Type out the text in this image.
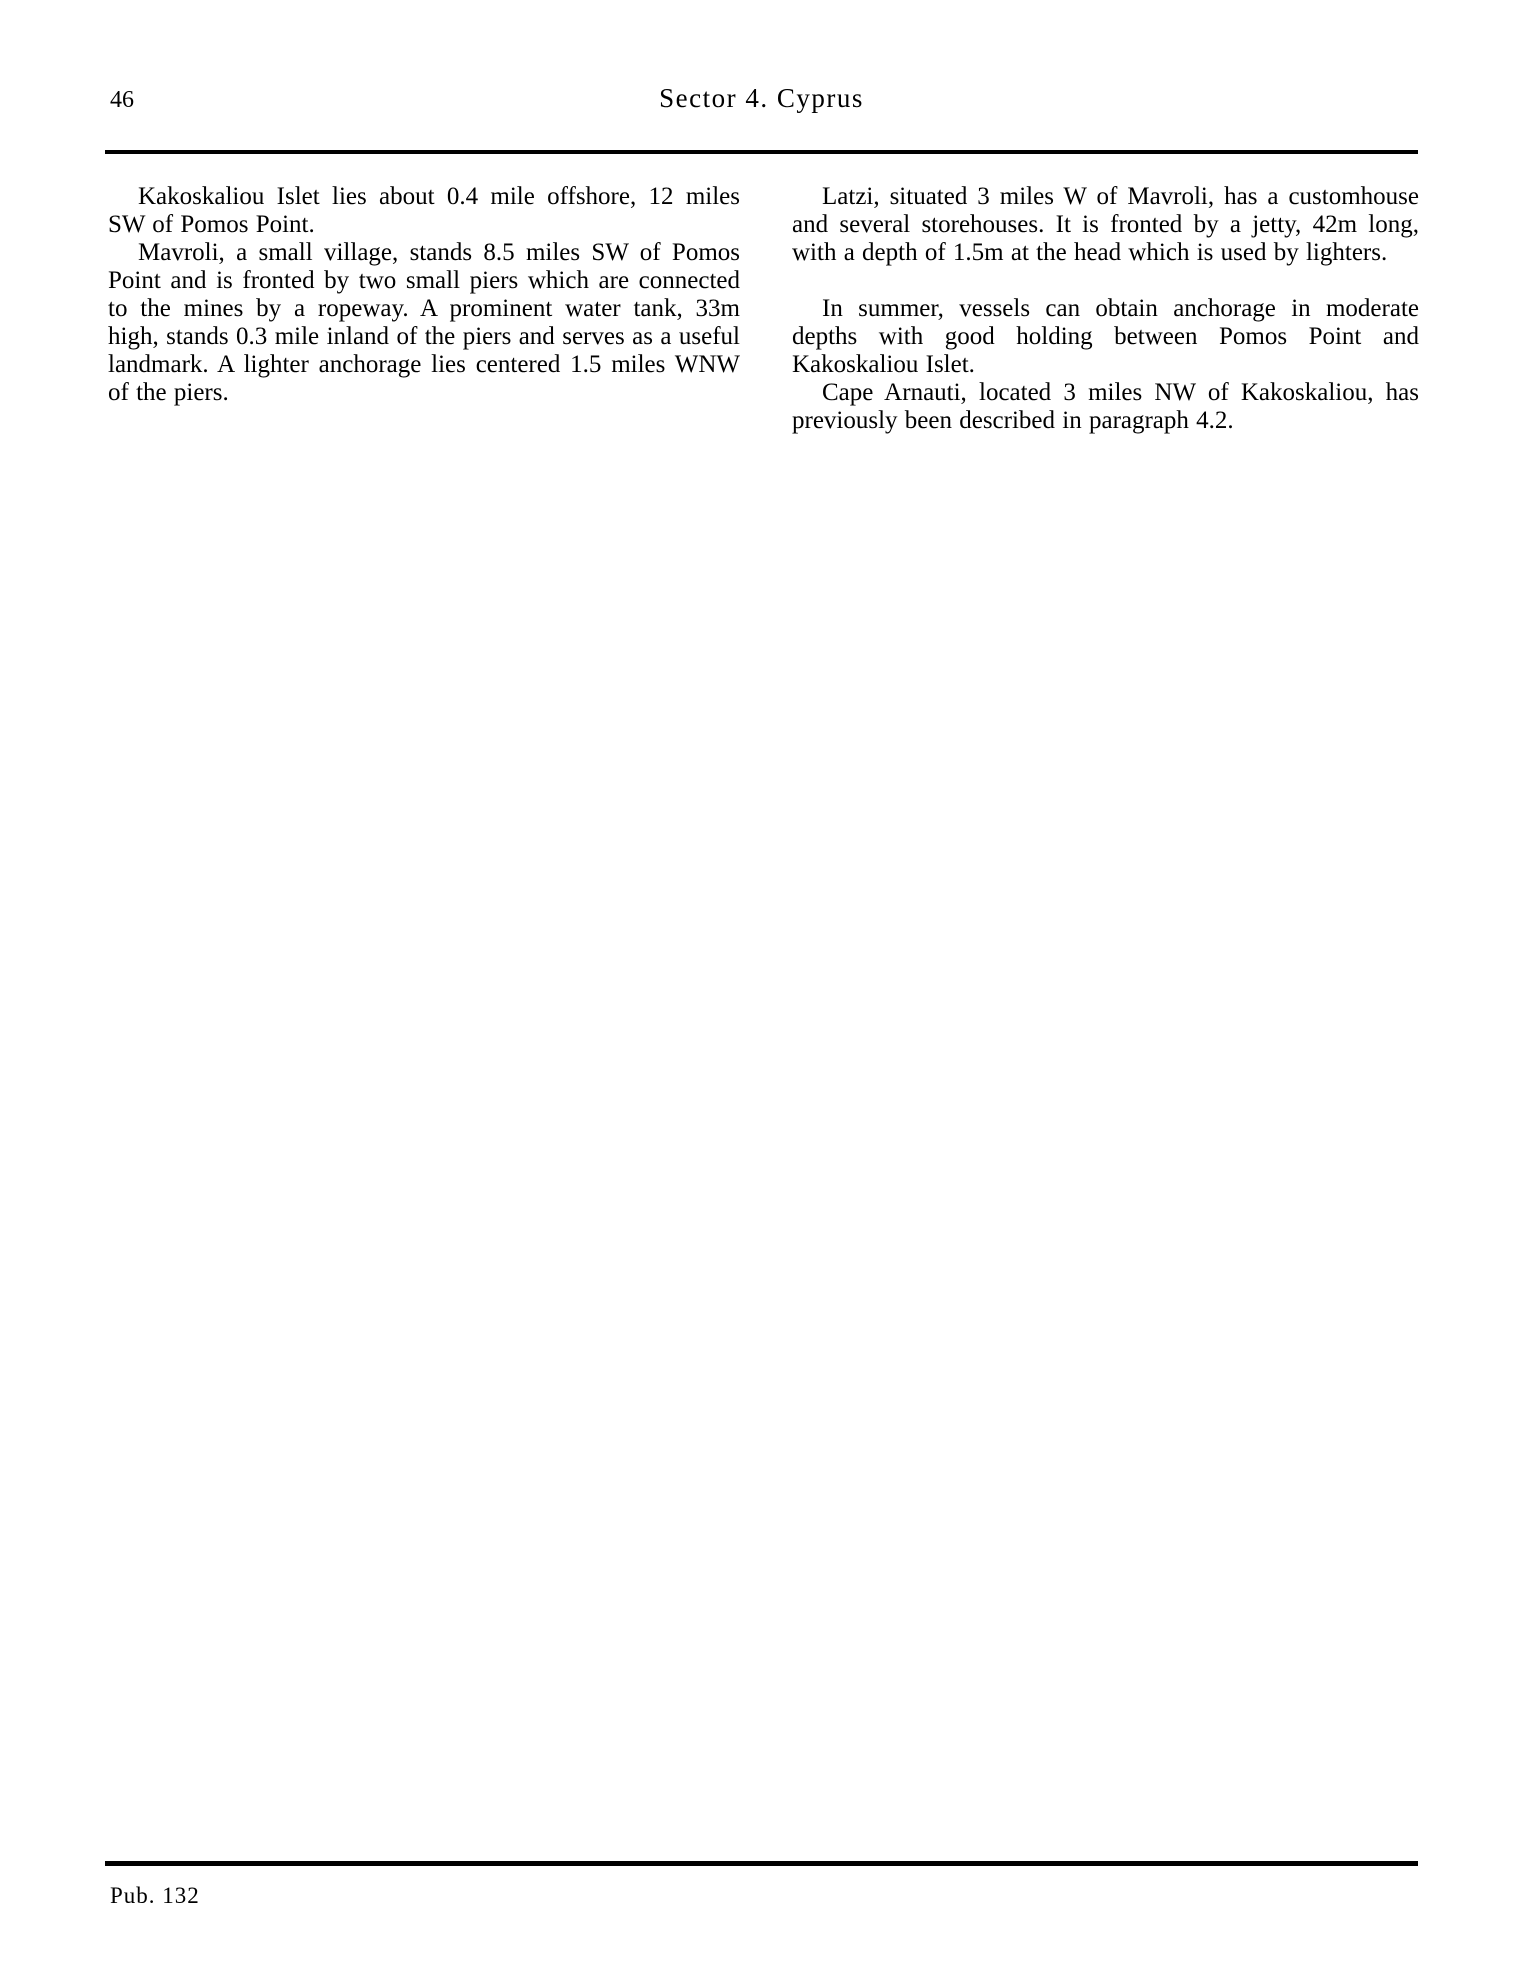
46	Sector 4. Cyprus

Kakoskaliou Islet lies about 0.4 mile offshore, 12 miles SW of Pomos Point.

Mavroli, a small village, stands 8.5 miles SW of Pomos Point and is fronted by two small piers which are connected to the mines by a ropeway. A prominent water tank, 33m high, stands 0.3 mile inland of the piers and serves as a useful landmark. A lighter anchorage lies centered 1.5 miles WNW of the piers.

Latzi, situated 3 miles W of Mavroli, has a customhouse and several storehouses. It is fronted by a jetty, 42m long, with a depth of 1.5m at the head which is used by lighters.

In summer, vessels can obtain anchorage in moderate depths with good holding between Pomos Point and Kakoskaliou Islet.

Cape Arnauti, located 3 miles NW of Kakoskaliou, has previously been described in paragraph 4.2.

Pub. 132
